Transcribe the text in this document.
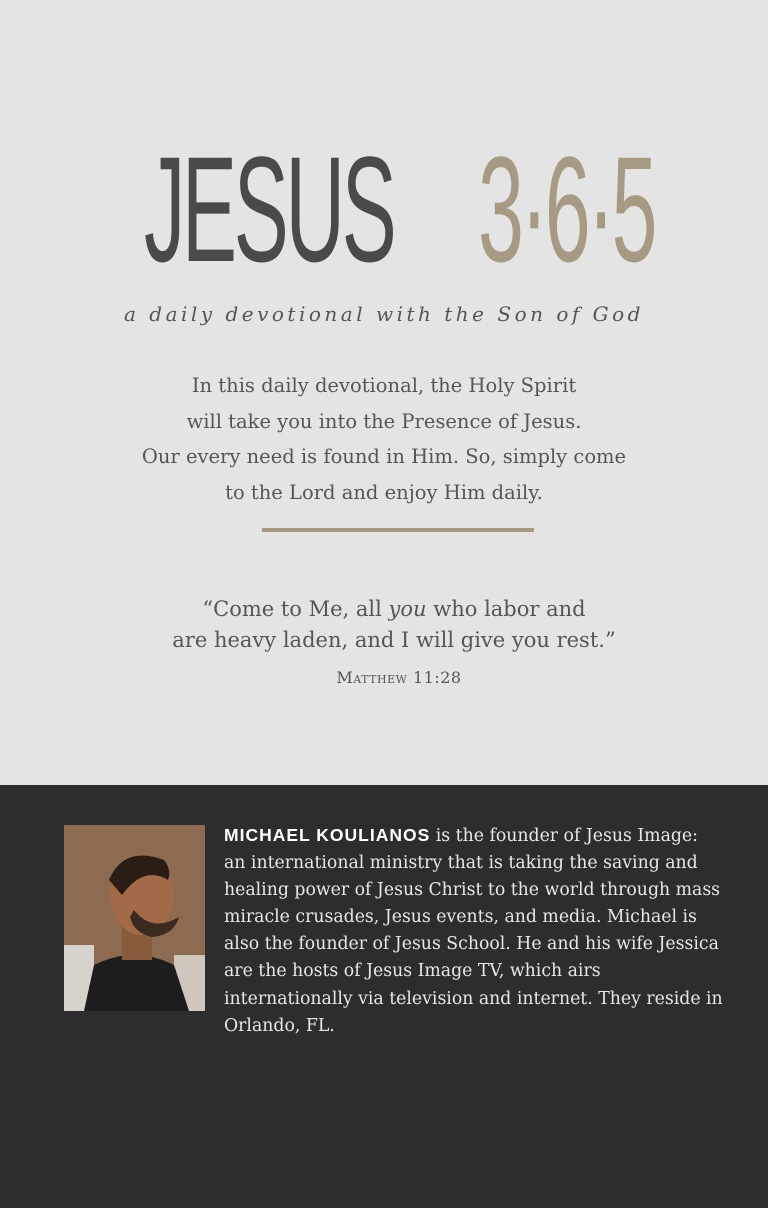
JESUS 3·6·5
a daily devotional with the Son of God
In this daily devotional, the Holy Spirit
will take you into the Presence of Jesus.
Our every need is found in Him. So, simply come
to the Lord and enjoy Him daily.
“Come to Me, all you who labor and
are heavy laden, and I will give you rest.”
Matthew 11:28
MICHAEL KOULIANOS is the founder of Jesus Image: an international ministry that is taking the saving and healing power of Jesus Christ to the world through mass miracle crusades, Jesus events, and media. Michael is also the founder of Jesus School. He and his wife Jessica are the hosts of Jesus Image TV, which airs internationally via television and internet. They reside in Orlando, FL.
